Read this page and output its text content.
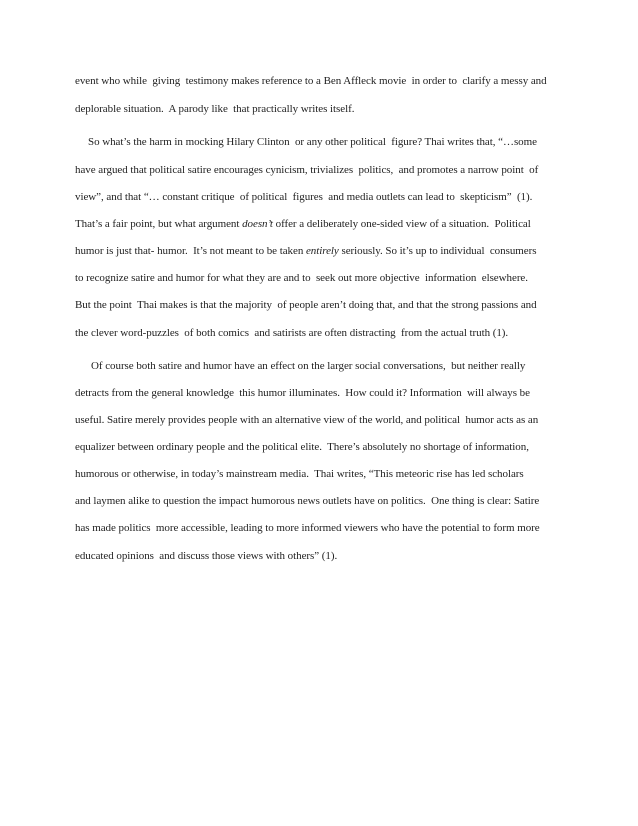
event who while  giving  testimony makes reference to a Ben Affleck movie  in order to  clarify a messy and

deplorable situation.  A parody like  that practically writes itself.

So what’s the harm in mocking Hilary Clinton  or any other political  figure? Thai writes that, “…some

have argued that political satire encourages cynicism, trivializes  politics,  and promotes a narrow point  of

view”, and that “… constant critique  of political  figures  and media outlets can lead to  skepticism”  (1).

That’s a fair point, but what argument doesn’t offer a deliberately one-sided view of a situation.  Political

humor is just that- humor.  It’s not meant to be taken entirely seriously. So it’s up to individual  consumers

to recognize satire and humor for what they are and to  seek out more objective  information  elsewhere.

But the point  Thai makes is that the majority  of people aren’t doing that, and that the strong passions and

the clever word-puzzles  of both comics  and satirists are often distracting  from the actual truth (1).

Of course both satire and humor have an effect on the larger social conversations,  but neither really

detracts from the general knowledge  this humor illuminates.  How could it? Information  will always be

useful. Satire merely provides people with an alternative view of the world, and political  humor acts as an

equalizer between ordinary people and the political elite.  There’s absolutely no shortage of information,

humorous or otherwise, in today’s mainstream media.  Thai writes, “This meteoric rise has led scholars

and laymen alike to question the impact humorous news outlets have on politics.  One thing is clear: Satire

has made politics  more accessible, leading to more informed viewers who have the potential to form more

educated opinions  and discuss those views with others” (1).
